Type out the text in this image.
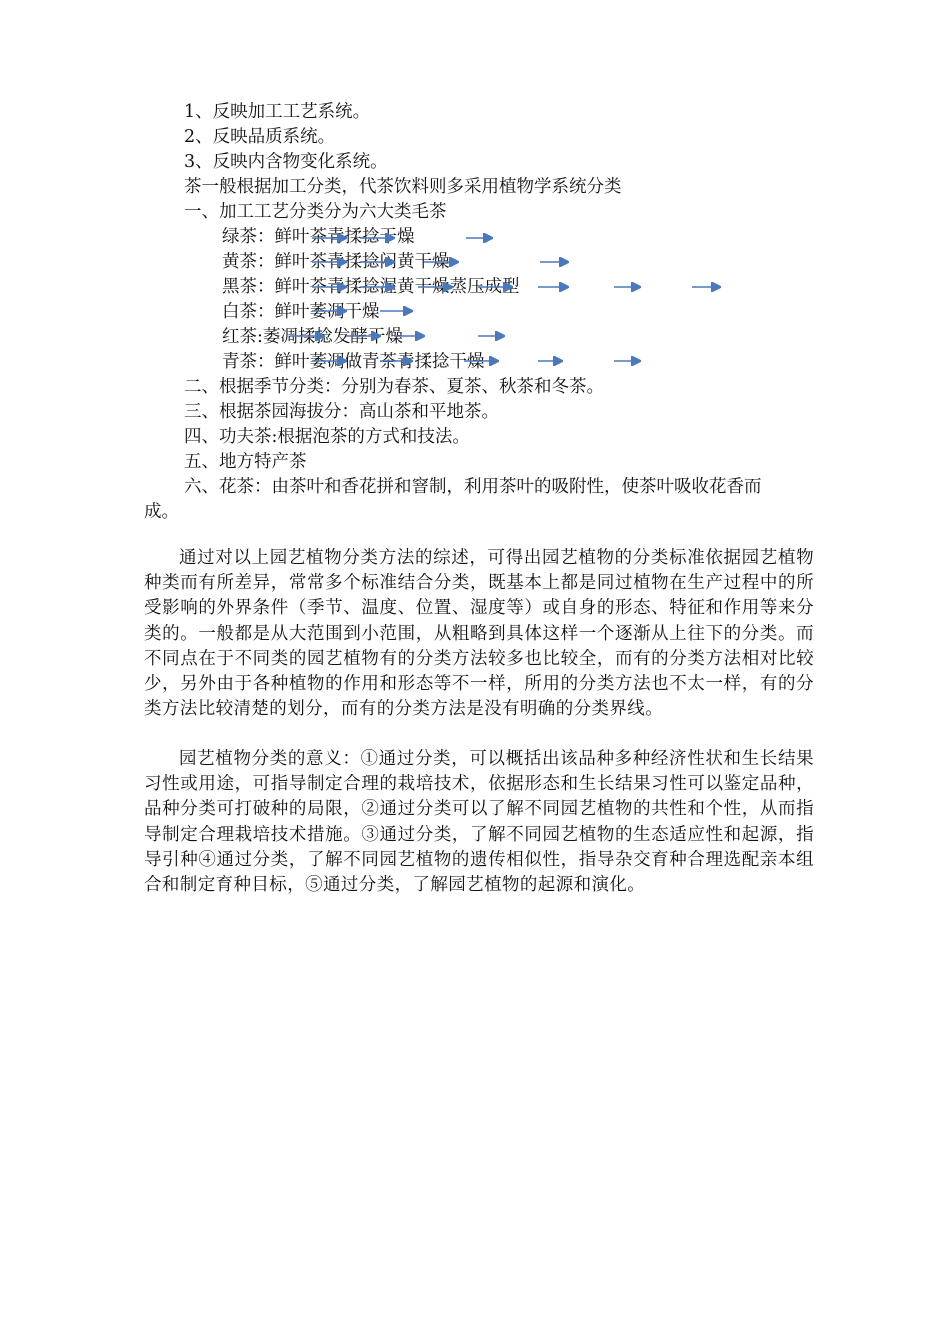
1、反映加工工艺系统。
2、反映品质系统。
3、反映内含物变化系统。
茶一般根据加工分类，代茶饮料则多采用植物学系统分类
一、加工工艺分类分为六大类毛茶
绿茶：鲜叶茶青揉捻干燥
黄茶：鲜叶茶青揉捻闷黄干燥
黑茶：鲜叶茶青揉捻渥黄干燥蒸压成型
白茶：鲜叶萎凋干燥
红茶:萎凋揉捻发酵干燥
青茶：鲜叶萎凋做青茶青揉捻干燥
二、根据季节分类：分别为春茶、夏茶、秋茶和冬茶。
三、根据茶园海拔分：高山茶和平地茶。
四、功夫茶:根据泡茶的方式和技法。
五、地方特产茶
六、花茶：由茶叶和香花拼和窨制，利用茶叶的吸附性，使茶叶吸收花香而
成。
通过对以上园艺植物分类方法的综述，可得出园艺植物的分类标准依据园艺植物种类而有所差异，常常多个标准结合分类，既基本上都是同过植物在生产过程中的所受影响的外界条件（季节、温度、位置、湿度等）或自身的形态、特征和作用等来分类的。一般都是从大范围到小范围，从粗略到具体这样一个逐渐从上往下的分类。而不同点在于不同类的园艺植物有的分类方法较多也比较全，而有的分类方法相对比较少，另外由于各种植物的作用和形态等不一样，所用的分类方法也不太一样，有的分类方法比较清楚的划分，而有的分类方法是没有明确的分类界线。
园艺植物分类的意义：①通过分类，可以概括出该品种多种经济性状和生长结果习性或用途，可指导制定合理的栽培技术，依据形态和生长结果习性可以鉴定品种，品种分类可打破种的局限，②通过分类可以了解不同园艺植物的共性和个性，从而指导制定合理栽培技术措施。③通过分类，了解不同园艺植物的生态适应性和起源，指导引种④通过分类，了解不同园艺植物的遗传相似性，指导杂交育种合理选配亲本组合和制定育种目标，⑤通过分类，了解园艺植物的起源和演化。
